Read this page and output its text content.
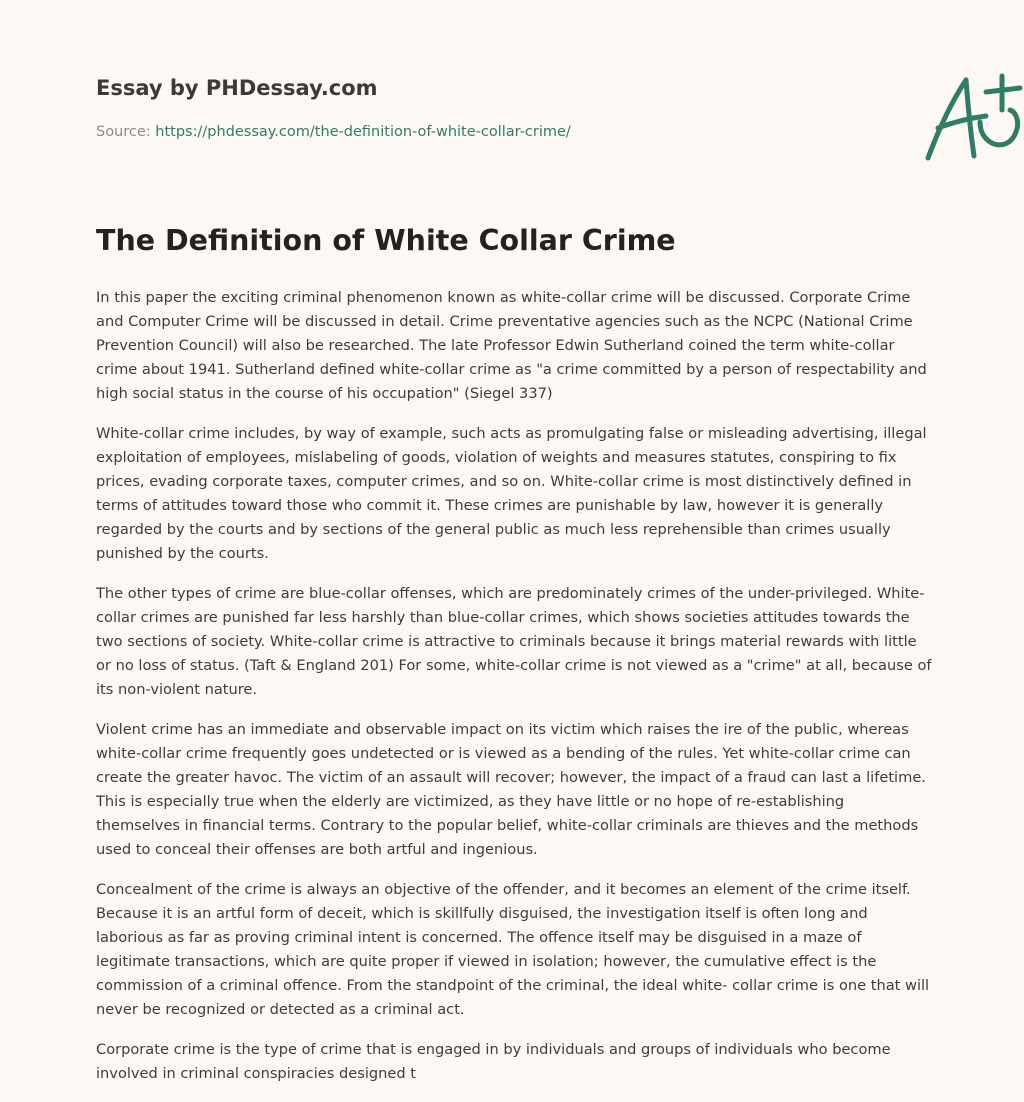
Essay by PHDessay.com
Source: https://phdessay.com/the-definition-of-white-collar-crime/
The Definition of White Collar Crime

In this paper the exciting criminal phenomenon known as white-collar crime will be discussed. Corporate Crime and Computer Crime will be discussed in detail. Crime preventative agencies such as the NCPC (National Crime Prevention Council) will also be researched. The late Professor Edwin Sutherland coined the term white-collar crime about 1941. Sutherland defined white-collar crime as "a crime committed by a person of respectability and high social status in the course of his occupation" (Siegel 337)

White-collar crime includes, by way of example, such acts as promulgating false or misleading advertising, illegal exploitation of employees, mislabeling of goods, violation of weights and measures statutes, conspiring to fix prices, evading corporate taxes, computer crimes, and so on. White-collar crime is most distinctively defined in terms of attitudes toward those who commit it. These crimes are punishable by law, however it is generally regarded by the courts and by sections of the general public as much less reprehensible than crimes usually punished by the courts.

The other types of crime are blue-collar offenses, which are predominately crimes of the under-privileged. White-collar crimes are punished far less harshly than blue-collar crimes, which shows societies attitudes towards the two sections of society. White-collar crime is attractive to criminals because it brings material rewards with little or no loss of status. (Taft & England 201) For some, white-collar crime is not viewed as a "crime" at all, because of its non-violent nature.

Violent crime has an immediate and observable impact on its victim which raises the ire of the public, whereas white-collar crime frequently goes undetected or is viewed as a bending of the rules. Yet white-collar crime can create the greater havoc. The victim of an assault will recover; however, the impact of a fraud can last a lifetime. This is especially true when the elderly are victimized, as they have little or no hope of re-establishing themselves in financial terms. Contrary to the popular belief, white-collar criminals are thieves and the methods used to conceal their offenses are both artful and ingenious.

Concealment of the crime is always an objective of the offender, and it becomes an element of the crime itself. Because it is an artful form of deceit, which is skillfully disguised, the investigation itself is often long and laborious as far as proving criminal intent is concerned. The offence itself may be disguised in a maze of legitimate transactions, which are quite proper if viewed in isolation; however, the cumulative effect is the commission of a criminal offence. From the standpoint of the criminal, the ideal white- collar crime is one that will never be recognized or detected as a criminal act.

Corporate crime is the type of crime that is engaged in by individuals and groups of individuals who become involved in criminal conspiracies designed t
